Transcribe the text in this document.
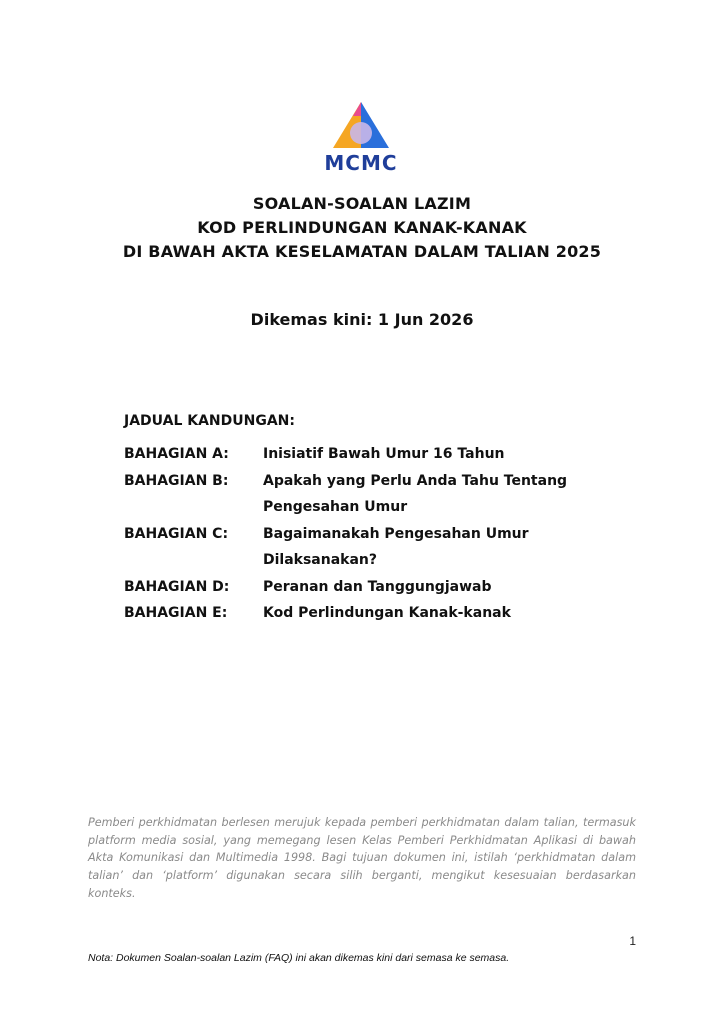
MCMC
SOALAN-SOALAN LAZIM
KOD PERLINDUNGAN KANAK-KANAK
DI BAWAH AKTA KESELAMATAN DALAM TALIAN 2025
Dikemas kini: 1 Jun 2026
JADUAL KANDUNGAN:
BAHAGIAN A:	Inisiatif Bawah Umur 16 Tahun
BAHAGIAN B:	Apakah yang Perlu Anda Tahu Tentang
Pengesahan Umur
BAHAGIAN C:	Bagaimanakah Pengesahan Umur
Dilaksanakan?
BAHAGIAN D:	Peranan dan Tanggungjawab
BAHAGIAN E:	Kod Perlindungan Kanak-kanak
Pemberi perkhidmatan berlesen merujuk kepada pemberi perkhidmatan dalam talian, termasuk platform media sosial, yang memegang lesen Kelas Pemberi Perkhidmatan Aplikasi di bawah Akta Komunikasi dan Multimedia 1998. Bagi tujuan dokumen ini, istilah ‘perkhidmatan dalam talian’ dan ‘platform’ digunakan secara silih berganti, mengikut kesesuaian berdasarkan konteks.
1
Nota: Dokumen Soalan-soalan Lazim (FAQ) ini akan dikemas kini dari semasa ke semasa.
